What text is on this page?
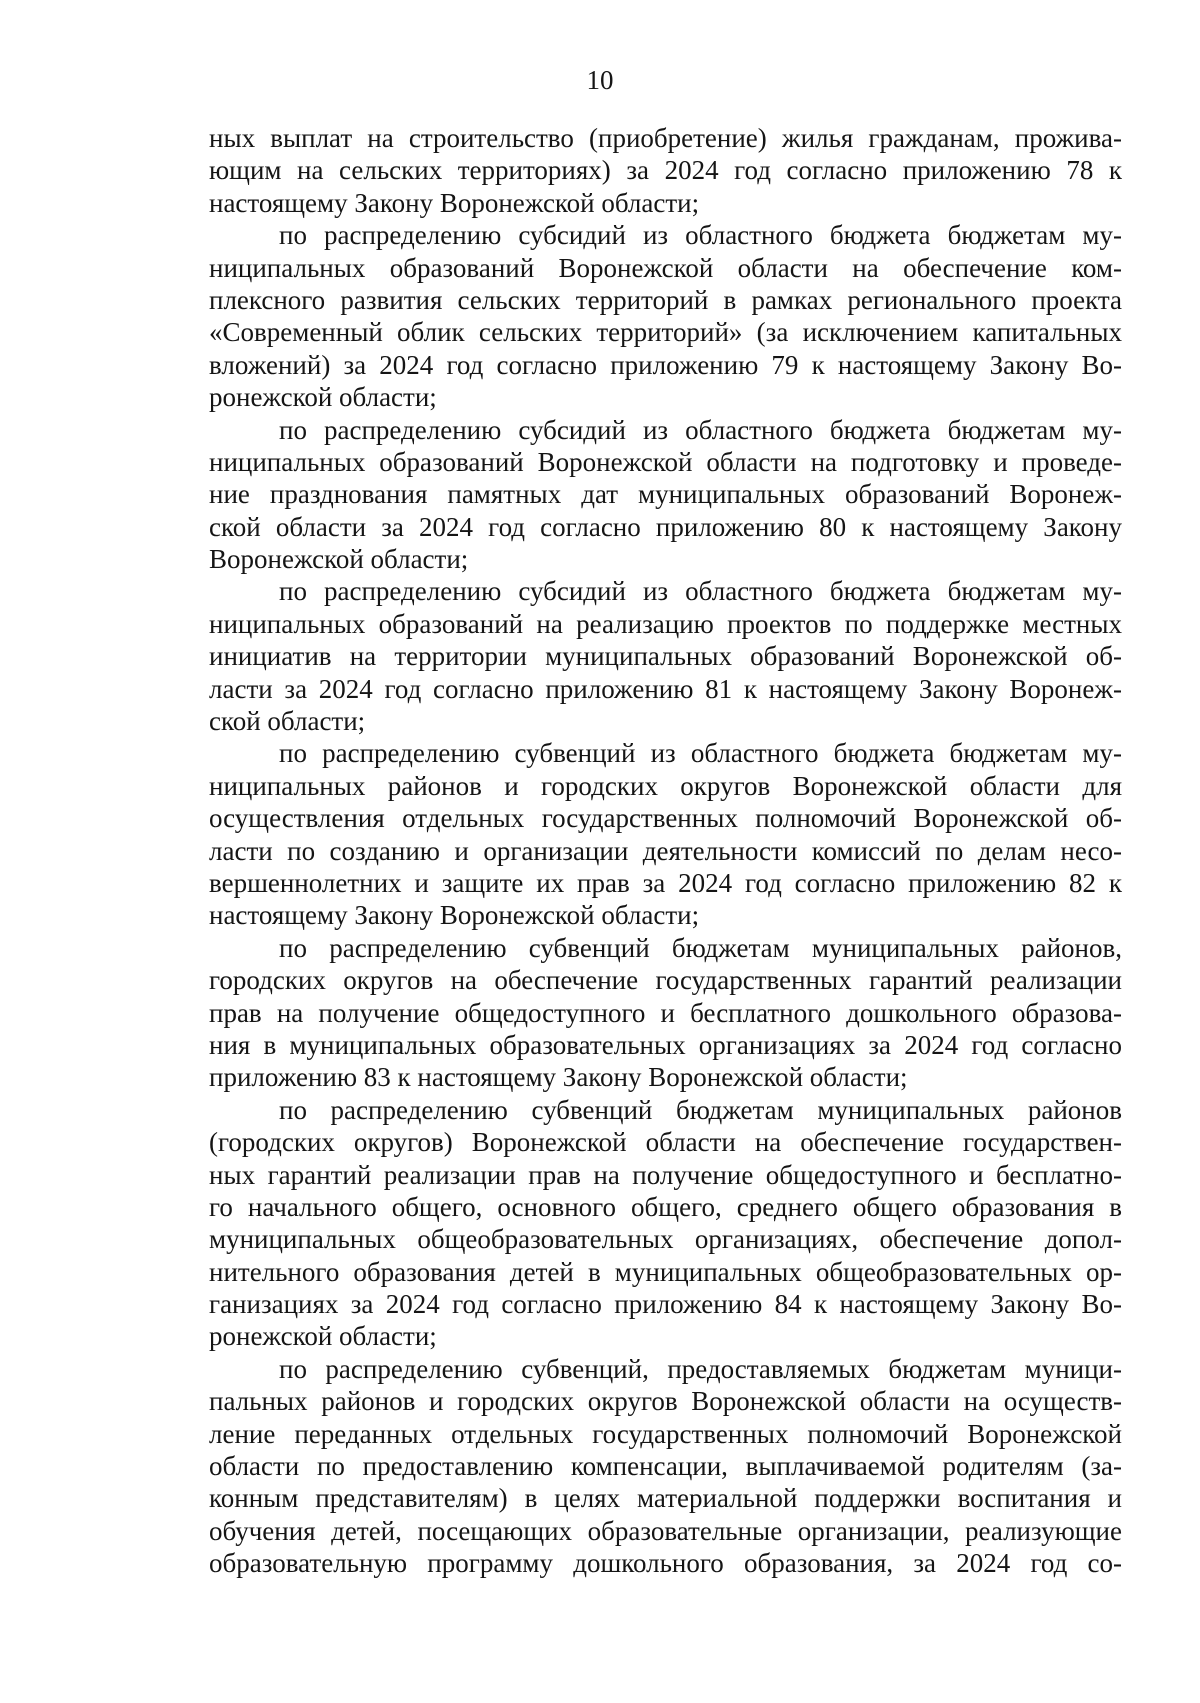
10
ных выплат на строительство (приобретение) жилья гражданам, прожива-
ющим на сельских территориях) за 2024 год согласно приложению 78 к
настоящему Закону Воронежской области;
по распределению субсидий из областного бюджета бюджетам му-
ниципальных образований Воронежской области на обеспечение ком-
плексного развития сельских территорий в рамках регионального проекта
«Современный облик сельских территорий» (за исключением капитальных
вложений) за 2024 год согласно приложению 79 к настоящему Закону Во-
ронежской области;
по распределению субсидий из областного бюджета бюджетам му-
ниципальных образований Воронежской области на подготовку и проведе-
ние празднования памятных дат муниципальных образований Воронеж-
ской области за 2024 год согласно приложению 80 к настоящему Закону
Воронежской области;
по распределению субсидий из областного бюджета бюджетам му-
ниципальных образований на реализацию проектов по поддержке местных
инициатив на территории муниципальных образований Воронежской об-
ласти за 2024 год согласно приложению 81 к настоящему Закону Воронеж-
ской области;
по распределению субвенций из областного бюджета бюджетам му-
ниципальных районов и городских округов Воронежской области для
осуществления отдельных государственных полномочий Воронежской об-
ласти по созданию и организации деятельности комиссий по делам несо-
вершеннолетних и защите их прав за 2024 год согласно приложению 82 к
настоящему Закону Воронежской области;
по распределению субвенций бюджетам муниципальных районов,
городских округов на обеспечение государственных гарантий реализации
прав на получение общедоступного и бесплатного дошкольного образова-
ния в муниципальных образовательных организациях за 2024 год согласно
приложению 83 к настоящему Закону Воронежской области;
по распределению субвенций бюджетам муниципальных районов
(городских округов) Воронежской области на обеспечение государствен-
ных гарантий реализации прав на получение общедоступного и бесплатно-
го начального общего, основного общего, среднего общего образования в
муниципальных общеобразовательных организациях, обеспечение допол-
нительного образования детей в муниципальных общеобразовательных ор-
ганизациях за 2024 год согласно приложению 84 к настоящему Закону Во-
ронежской области;
по распределению субвенций, предоставляемых бюджетам муници-
пальных районов и городских округов Воронежской области на осуществ-
ление переданных отдельных государственных полномочий Воронежской
области по предоставлению компенсации, выплачиваемой родителям (за-
конным представителям) в целях материальной поддержки воспитания и
обучения детей, посещающих образовательные организации, реализующие
образовательную программу дошкольного образования, за 2024 год со-
